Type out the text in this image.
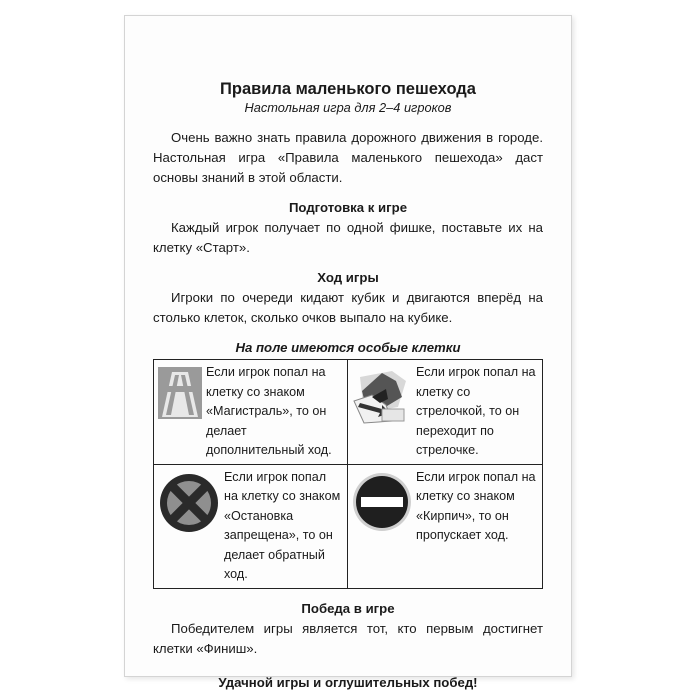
Правила маленького пешехода

Настольная игра для 2–4 игроков

Очень важно знать правила дорожного движения в городе. Настольная игра «Правила маленького пешехода» даст основы знаний в этой области.

Подготовка к игре

Каждый игрок получает по одной фишке, поставьте их на клетку «Старт».

Ход игры

Игроки по очереди кидают кубик и двигаются вперёд на столько клеток, сколько очков выпало на кубике.

На поле имеются особые клетки

Если игрок попал на клетку со знаком «Магистраль», то он делает дополнительный ход.
Если игрок попал на клетку со стрелочкой, то он переходит по стрелочке.
Если игрок попал на клетку со знаком «Остановка запрещена», то он делает обратный ход.
Если игрок попал на клетку со знаком «Кирпич», то он пропускает ход.

Победа в игре

Победителем игры является тот, кто первым достигнет клетки «Финиш».

Удачной игры и оглушительных побед!
